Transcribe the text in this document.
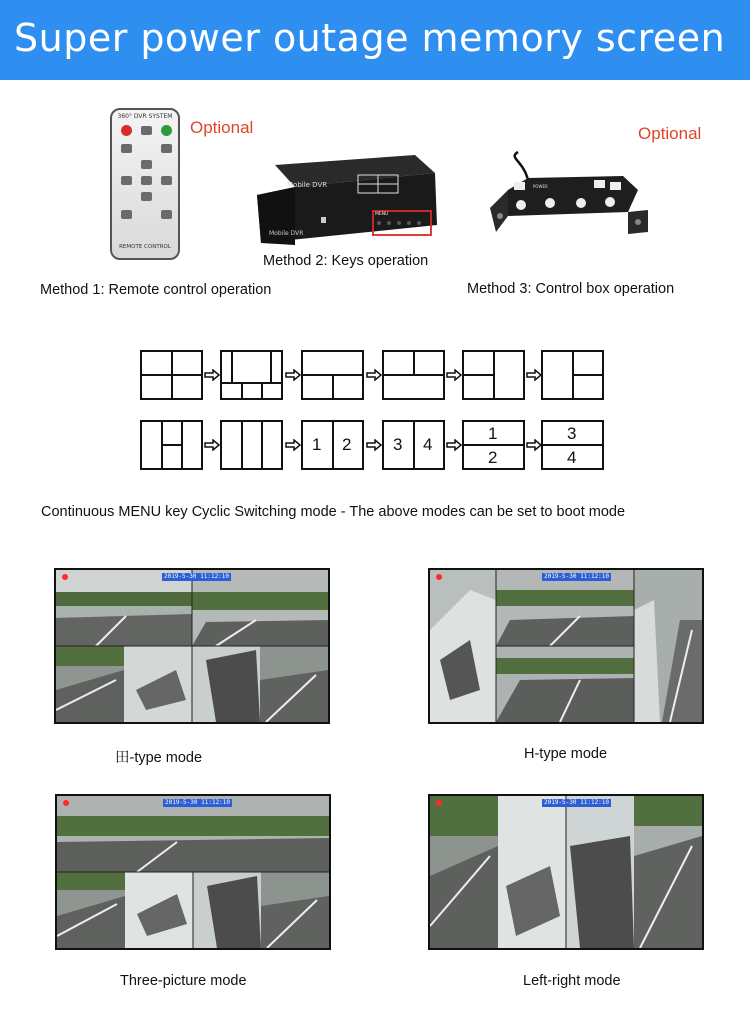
Super power outage memory screen
360° DVR SYSTEM
REMOTE CONTROL
Optional
Mobile DVR
Mobile DVR
MENU
POWER
Optional
Method 2: Keys operation
Method 1: Remote control operation	Method 3: Control box operation
1 2 3 4
1
2
3
4
Continuous MENU key Cyclic Switching mode - The above modes can be set to boot mode
2019-5-30 11:12:10
田-type mode
2019-5-30 11:12:10
H-type mode
2019-5-30 11:12:10
Three-picture mode
2019-5-30 11:12:10
Left-right mode
